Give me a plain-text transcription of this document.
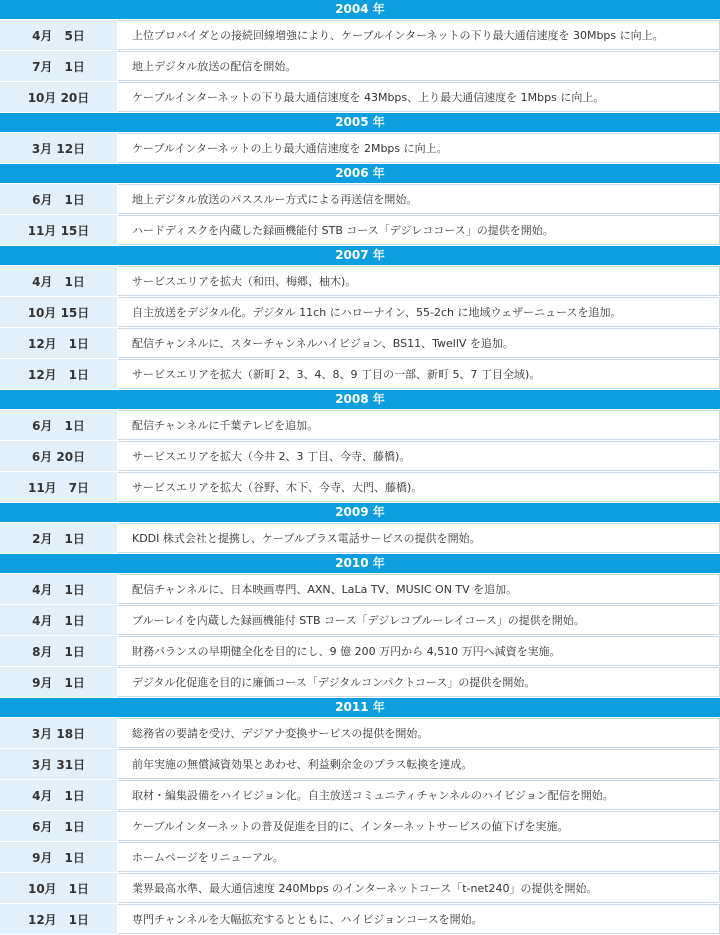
2004 年
4月　5日	上位プロバイダとの接続回線増強により、ケーブルインターネットの下り最大通信速度を 30Mbps に向上。
7月　1日	地上デジタル放送の配信を開始。
10月 20日	ケーブルインターネットの下り最大通信速度を 43Mbps、上り最大通信速度を 1Mbps に向上。
2005 年
3月 12日	ケーブルインターネットの上り最大通信速度を 2Mbps に向上。
2006 年
6月　1日	地上デジタル放送のパススルー方式による再送信を開始。
11月 15日	ハードディスクを内蔵した録画機能付 STB コース「デジレココース」の提供を開始。
2007 年
4月　1日	サービスエリアを拡大（和田、梅郷、柚木)。
10月 15日	自主放送をデジタル化。デジタル 11ch にハローナイン、55-2ch に地域ウェザーニュースを追加。
12月　1日	配信チャンネルに、スターチャンネルハイビジョン、BS11、TwellV を追加。
12月　1日	サービスエリアを拡大（新町 2、3、4、8、9 丁目の一部、新町 5、7 丁目全域)。
2008 年
6月　1日	配信チャンネルに千葉テレビを追加。
6月 20日	サービスエリアを拡大（今井 2、3 丁目、今寺、藤橋)。
11月　7日	サービスエリアを拡大（谷野、木下、今寺、大門、藤橋)。
2009 年
2月　1日	KDDI 株式会社と提携し、ケーブルプラス電話サービスの提供を開始。
2010 年
4月　1日	配信チャンネルに、日本映画専門、AXN、LaLa TV、MUSIC ON TV を追加。
4月　1日	ブルーレイを内蔵した録画機能付 STB コース「デジレコブルーレイコース」の提供を開始。
8月　1日	財務バランスの早期健全化を目的にし、9 億 200 万円から 4,510 万円へ減資を実施。
9月　1日	デジタル化促進を目的に廉価コース「デジタルコンパクトコース」の提供を開始。
2011 年
3月 18日	総務省の要請を受け、デジアナ変換サービスの提供を開始。
3月 31日	前年実施の無償減資効果とあわせ、利益剰余金のプラス転換を達成。
4月　1日	取材・編集設備をハイビジョン化。自主放送コミュニティチャンネルのハイビジョン配信を開始。
6月　1日	ケーブルインターネットの普及促進を目的に、インターネットサービスの値下げを実施。
9月　1日	ホームページをリニューアル。
10月　1日	業界最高水準、最大通信速度 240Mbps のインターネットコース「t-net240」の提供を開始。
12月　1日	専門チャンネルを大幅拡充するとともに、ハイビジョンコースを開始。
